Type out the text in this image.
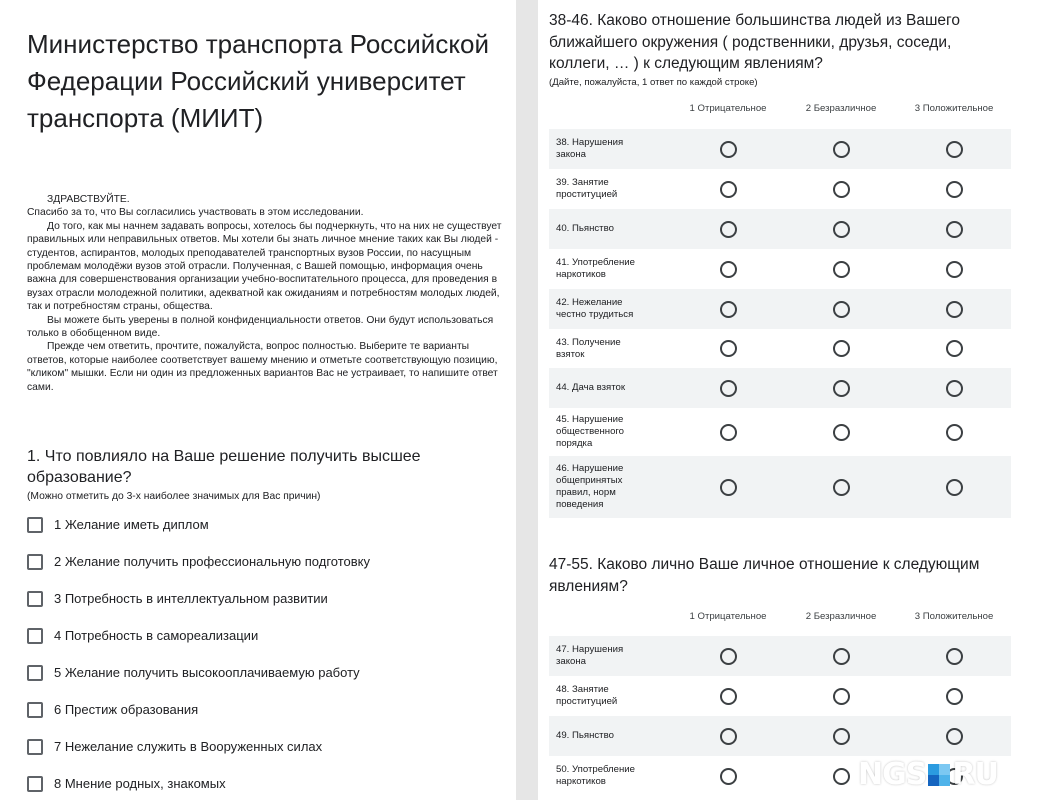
Министерство транспорта Российской Федерации Российский университет транспорта (МИИТ)

ЗДРАВСТВУЙТЕ.

Спасибо за то, что Вы согласились участвовать в этом исследовании.

До того, как мы начнем задавать вопросы, хотелось бы подчеркнуть, что на них не существует правильных или неправильных ответов. Мы хотели бы знать личное мнение таких как Вы людей - студентов, аспирантов, молодых преподавателей транспортных вузов России, по насущным проблемам молодёжи вузов этой отрасли. Полученная, с Вашей помощью, информация очень важна для совершенствования организации учебно-воспитательного процесса, для проведения в вузах отрасли молодежной политики, адекватной как ожиданиям и потребностям молодых людей, так и потребностям страны, общества.

Вы можете быть уверены в полной конфиденциальности ответов. Они будут использоваться только в обобщенном виде.

Прежде чем ответить, прочтите, пожалуйста, вопрос полностью. Выберите те варианты ответов, которые наиболее соответствует вашему мнению и отметьте соответствующую позицию, "кликом" мышки. Если ни один из предложенных вариантов Вас не устраивает, то напишите ответ сами.

1. Что повлияло на Ваше решение получить высшее образование?
(Можно отметить до 3-х наиболее значимых для Вас причин)
1 Желание иметь диплом
2 Желание получить профессиональную подготовку
3 Потребность в интеллектуальном развитии
4 Потребность в самореализации
5 Желание получить высокооплачиваемую работу
6 Престиж образования
7 Нежелание служить в Вооруженных силах
8 Мнение родных, знакомых
38-46. Каково отношение большинства людей из Вашего ближайшего окружения ( родственники, друзья, соседи, коллеги, … ) к следующим явлениям?
(Дайте, пожалуйста, 1 ответ по каждой строке)
1 Отрицательное	2 Безразличное	3 Положительное
38. Нарушения закона
39. Занятие проституцией
40. Пьянство
41. Употребление наркотиков
42. Нежелание честно трудиться
43. Получение взяток
44. Дача взяток
45. Нарушение общественного порядка
46. Нарушение общепринятых правил, норм поведения
47-55. Каково лично Ваше личное отношение к следующим явлениям?
1 Отрицательное	2 Безразличное	3 Положительное
47. Нарушения закона
48. Занятие проституцией
49. Пьянство
50. Употребление наркотиков	NGS RU
